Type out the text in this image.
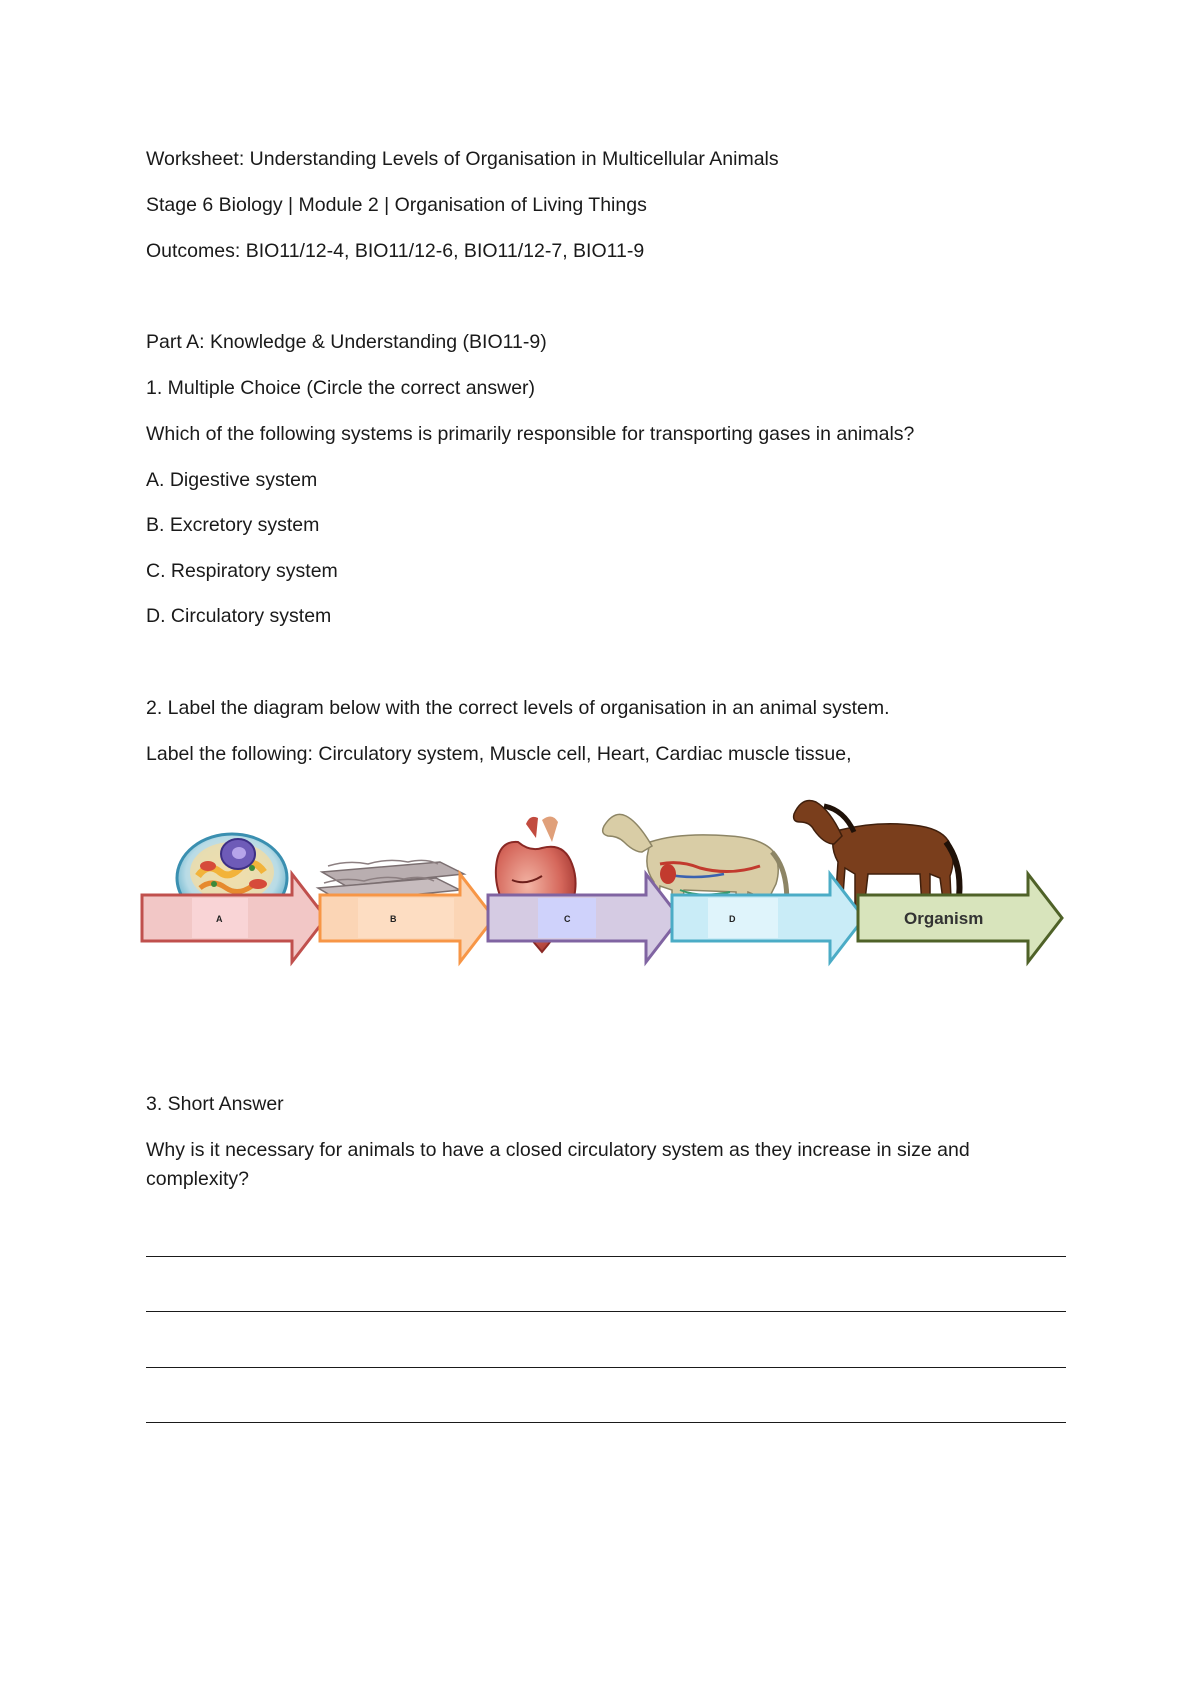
Worksheet: Understanding Levels of Organisation in Multicellular Animals
Stage 6 Biology | Module 2 | Organisation of Living Things
Outcomes: BIO11/12-4, BIO11/12-6, BIO11/12-7, BIO11-9
Part A: Knowledge & Understanding (BIO11-9)
1. Multiple Choice (Circle the correct answer)
Which of the following systems is primarily responsible for transporting gases in animals?
A. Digestive system
B. Excretory system
C. Respiratory system
D. Circulatory system
2. Label the diagram below with the correct levels of organisation in an animal system.
Label the following: Circulatory system, Muscle cell, Heart, Cardiac muscle tissue,
A	B	C	D	Organism
3. Short Answer
Why is it necessary for animals to have a closed circulatory system as they increase in size and complexity?
